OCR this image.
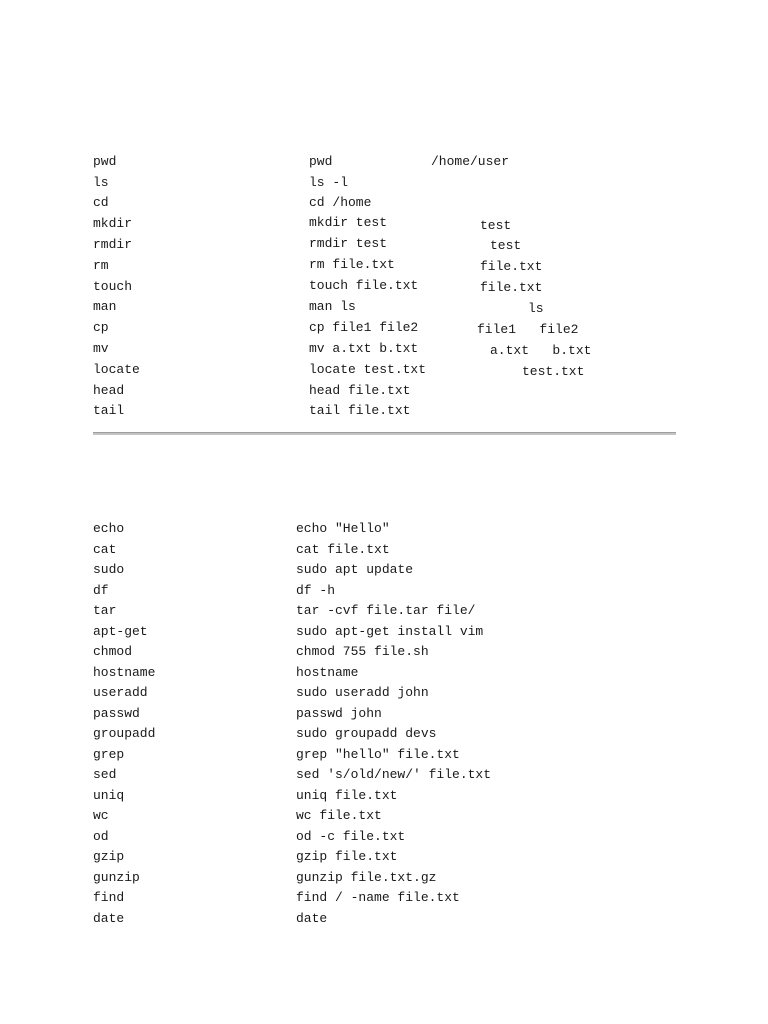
pwd
ls
cd
mkdir
rmdir
rm
touch
man
cp
mv
locate
head
tail
pwd
ls -l
cd /home
mkdir test
rmdir test
rm file.txt
touch file.txt
man ls
cp file1 file2
mv a.txt b.txt
locate test.txt
head file.txt
tail file.txt
/home/user
test
test
file.txt
file.txt
ls
file1   file2
a.txt   b.txt
test.txt
echo
cat
sudo
df
tar
apt-get
chmod
hostname
useradd
passwd
groupadd
grep
sed
uniq
wc
od
gzip
gunzip
find
date
echo "Hello"
cat file.txt
sudo apt update
df -h
tar -cvf file.tar file/
sudo apt-get install vim
chmod 755 file.sh
hostname
sudo useradd john
passwd john
sudo groupadd devs
grep "hello" file.txt
sed 's/old/new/' file.txt
uniq file.txt
wc file.txt
od -c file.txt
gzip file.txt
gunzip file.txt.gz
find / -name file.txt
date
